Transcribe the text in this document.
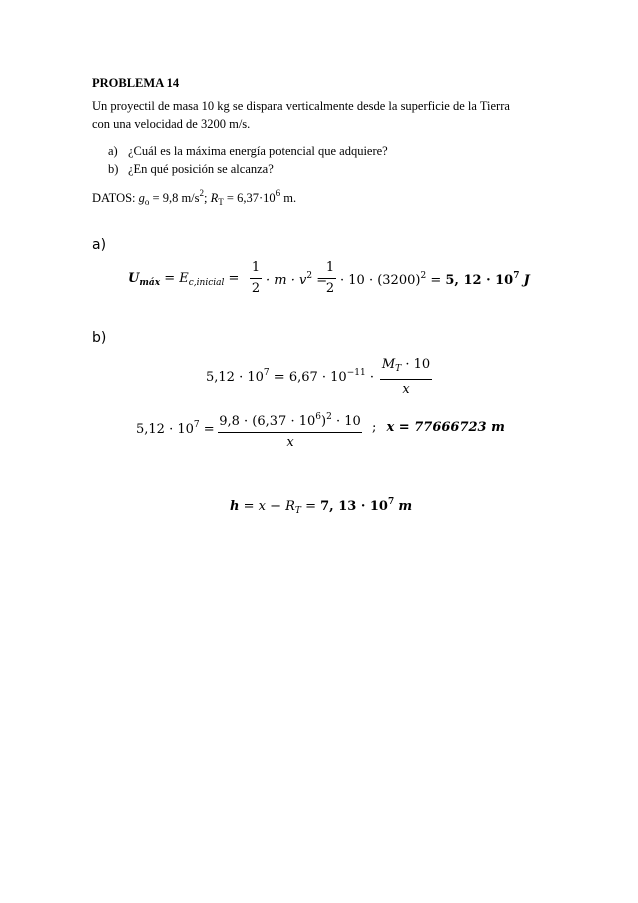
PROBLEMA 14
Un proyectil de masa 10 kg se dispara verticalmente desde la superficie de la Tierra
con una velocidad de 3200 m/s.
a) ¿Cuál es la máxima energía potencial que adquiere?
b) ¿En qué posición se alcanza?
DATOS: $g_o = 9,8$ $m/s^2$; $R_T = 6,37\cdot 10^6$ m.
a)
$U_{máx} = E_{c,inicial}$ =
1
2
· $m \cdot v^2$ =
1
2
· $10 \cdot (3200)^2 = 5$, $12 \cdot 10^7$ J
b)
$5,12 \cdot 10^7 = 6,67 \cdot 10^{-11}$ ·
$M_T \cdot 10$
x
$5,12 \cdot 10^7$ =
$9,8 \cdot (6,37 \cdot 10^6)^2 \cdot 10$
x
; x = 77666723 m
$h = x - R_T = 7$, $13 \cdot 10^7$ m
